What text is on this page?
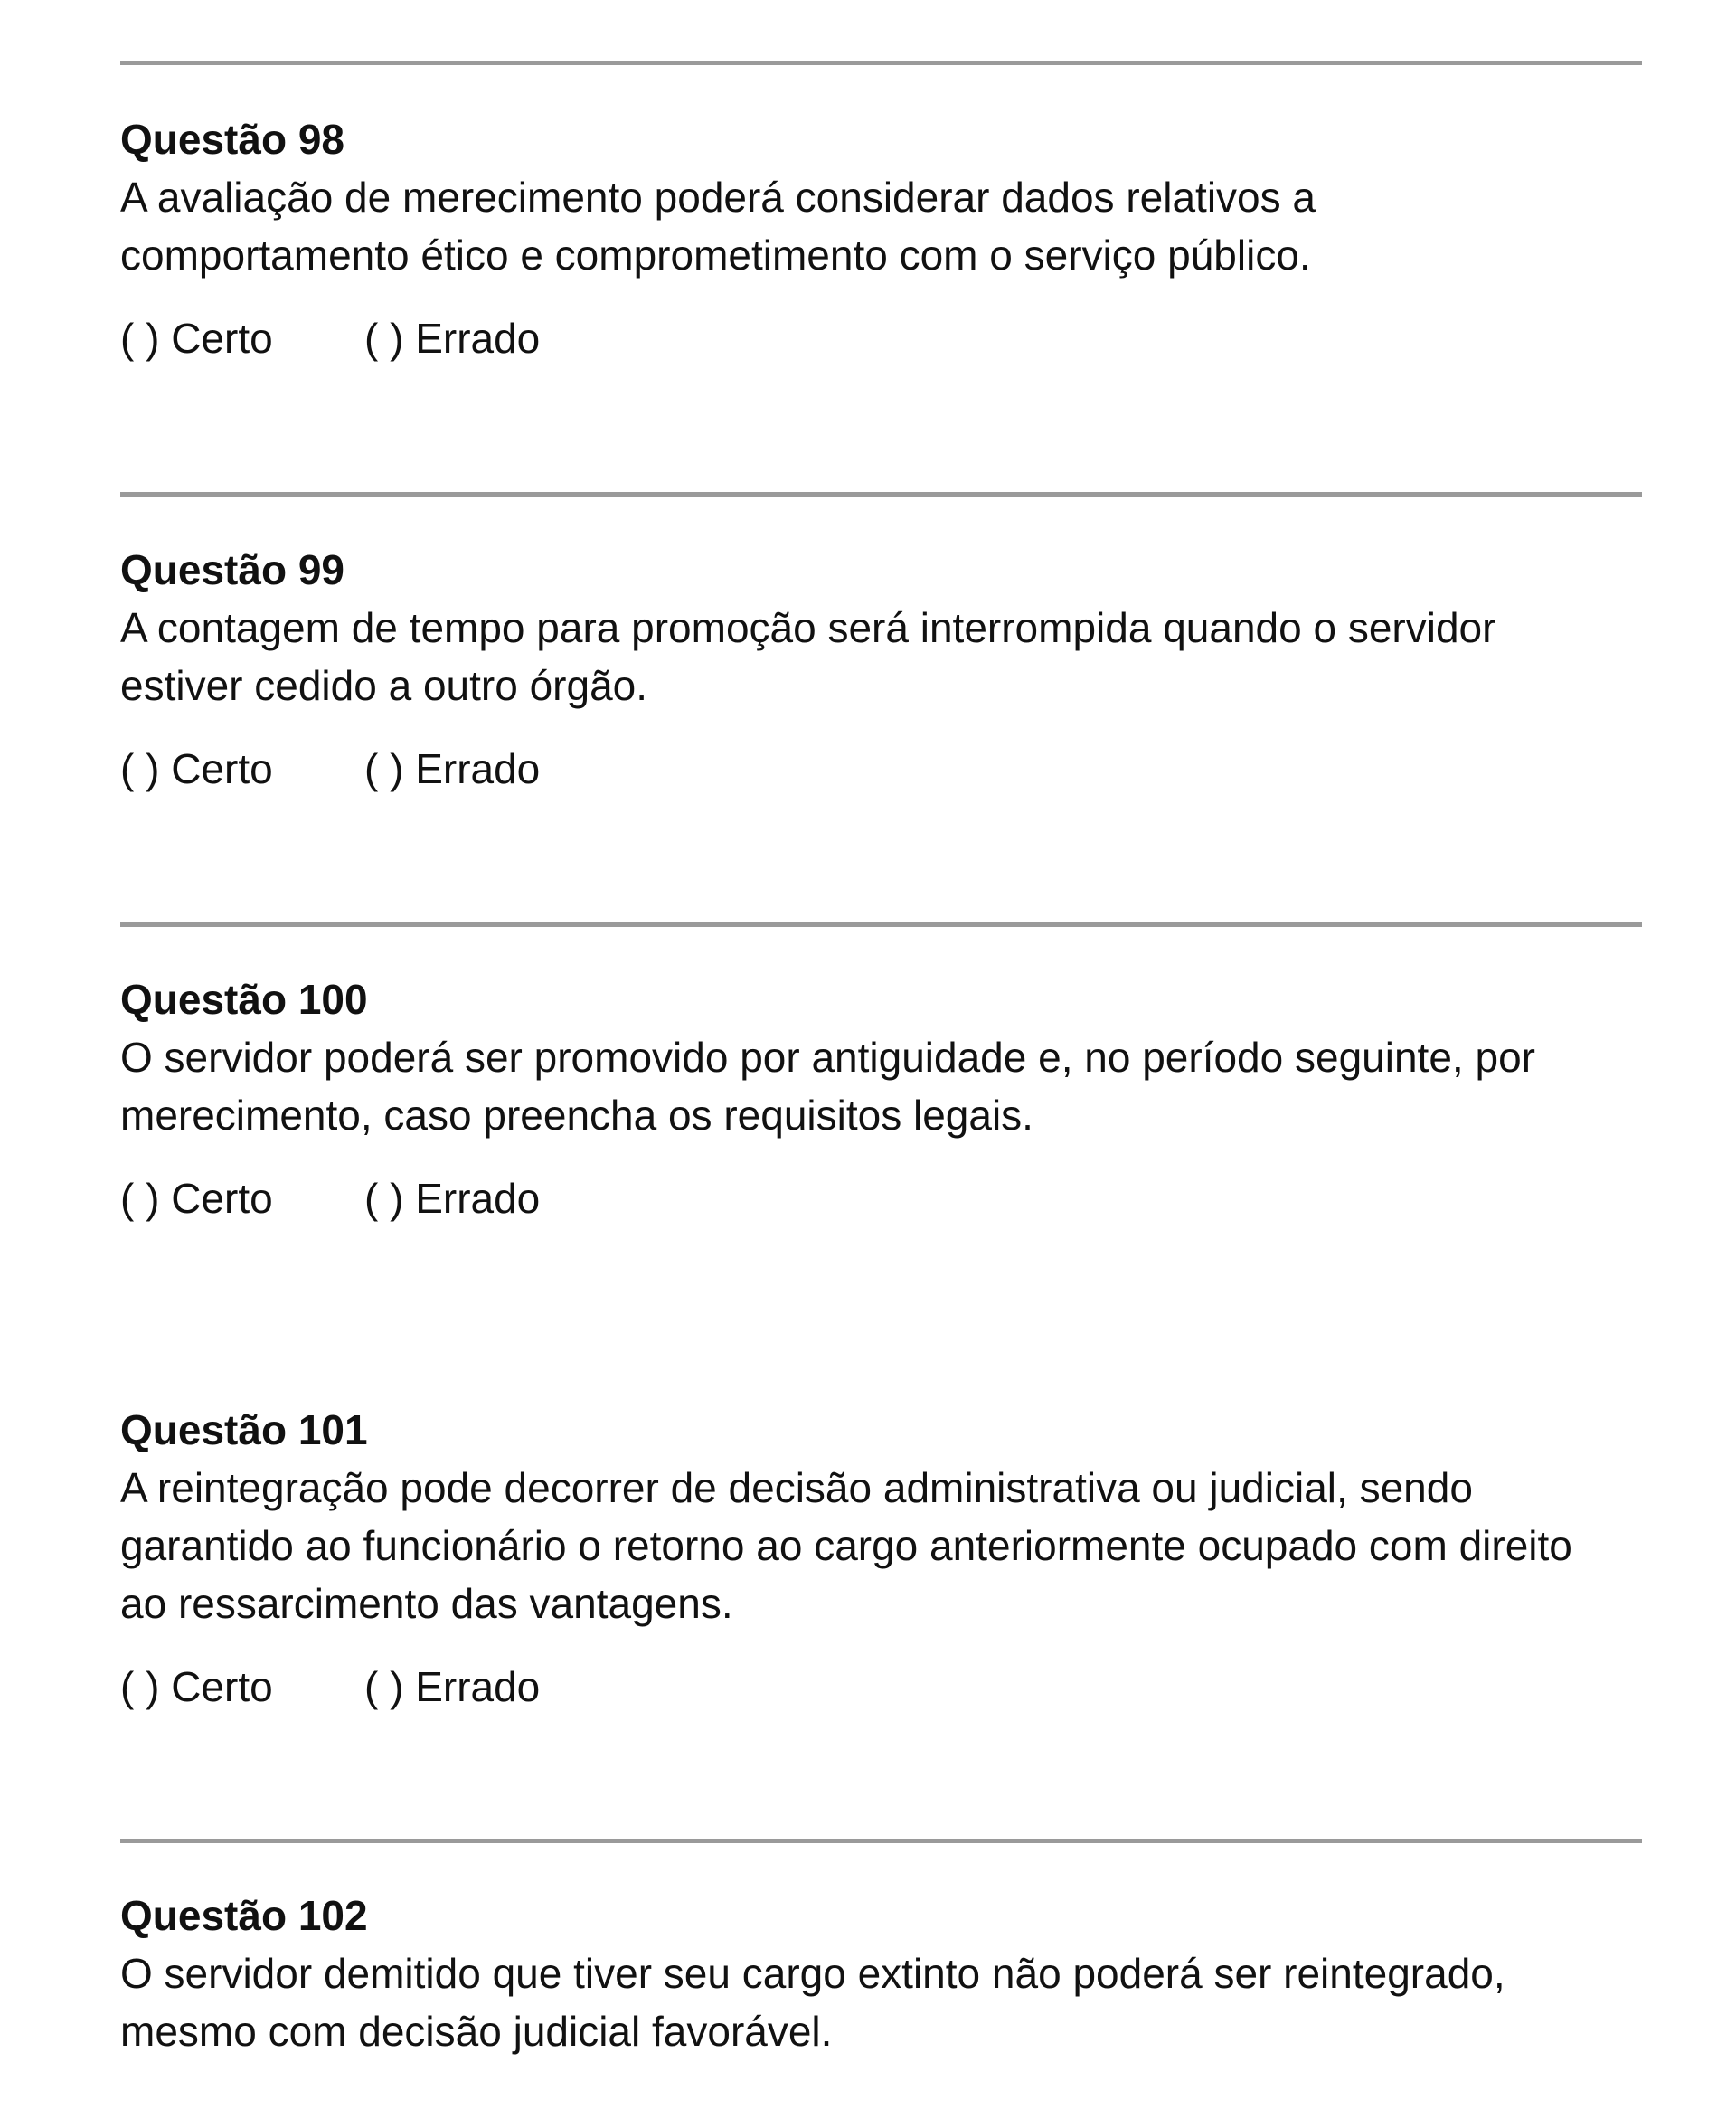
Questão 98
A avaliação de merecimento poderá considerar dados relativos a
comportamento ético e comprometimento com o serviço público.
( ) Certo ( ) Errado
Questão 99
A contagem de tempo para promoção será interrompida quando o servidor
estiver cedido a outro órgão.
( ) Certo ( ) Errado
Questão 100
O servidor poderá ser promovido por antiguidade e, no período seguinte, por
merecimento, caso preencha os requisitos legais.
( ) Certo ( ) Errado
Questão 101
A reintegração pode decorrer de decisão administrativa ou judicial, sendo
garantido ao funcionário o retorno ao cargo anteriormente ocupado com direito
ao ressarcimento das vantagens.
( ) Certo ( ) Errado
Questão 102
O servidor demitido que tiver seu cargo extinto não poderá ser reintegrado,
mesmo com decisão judicial favorável.
